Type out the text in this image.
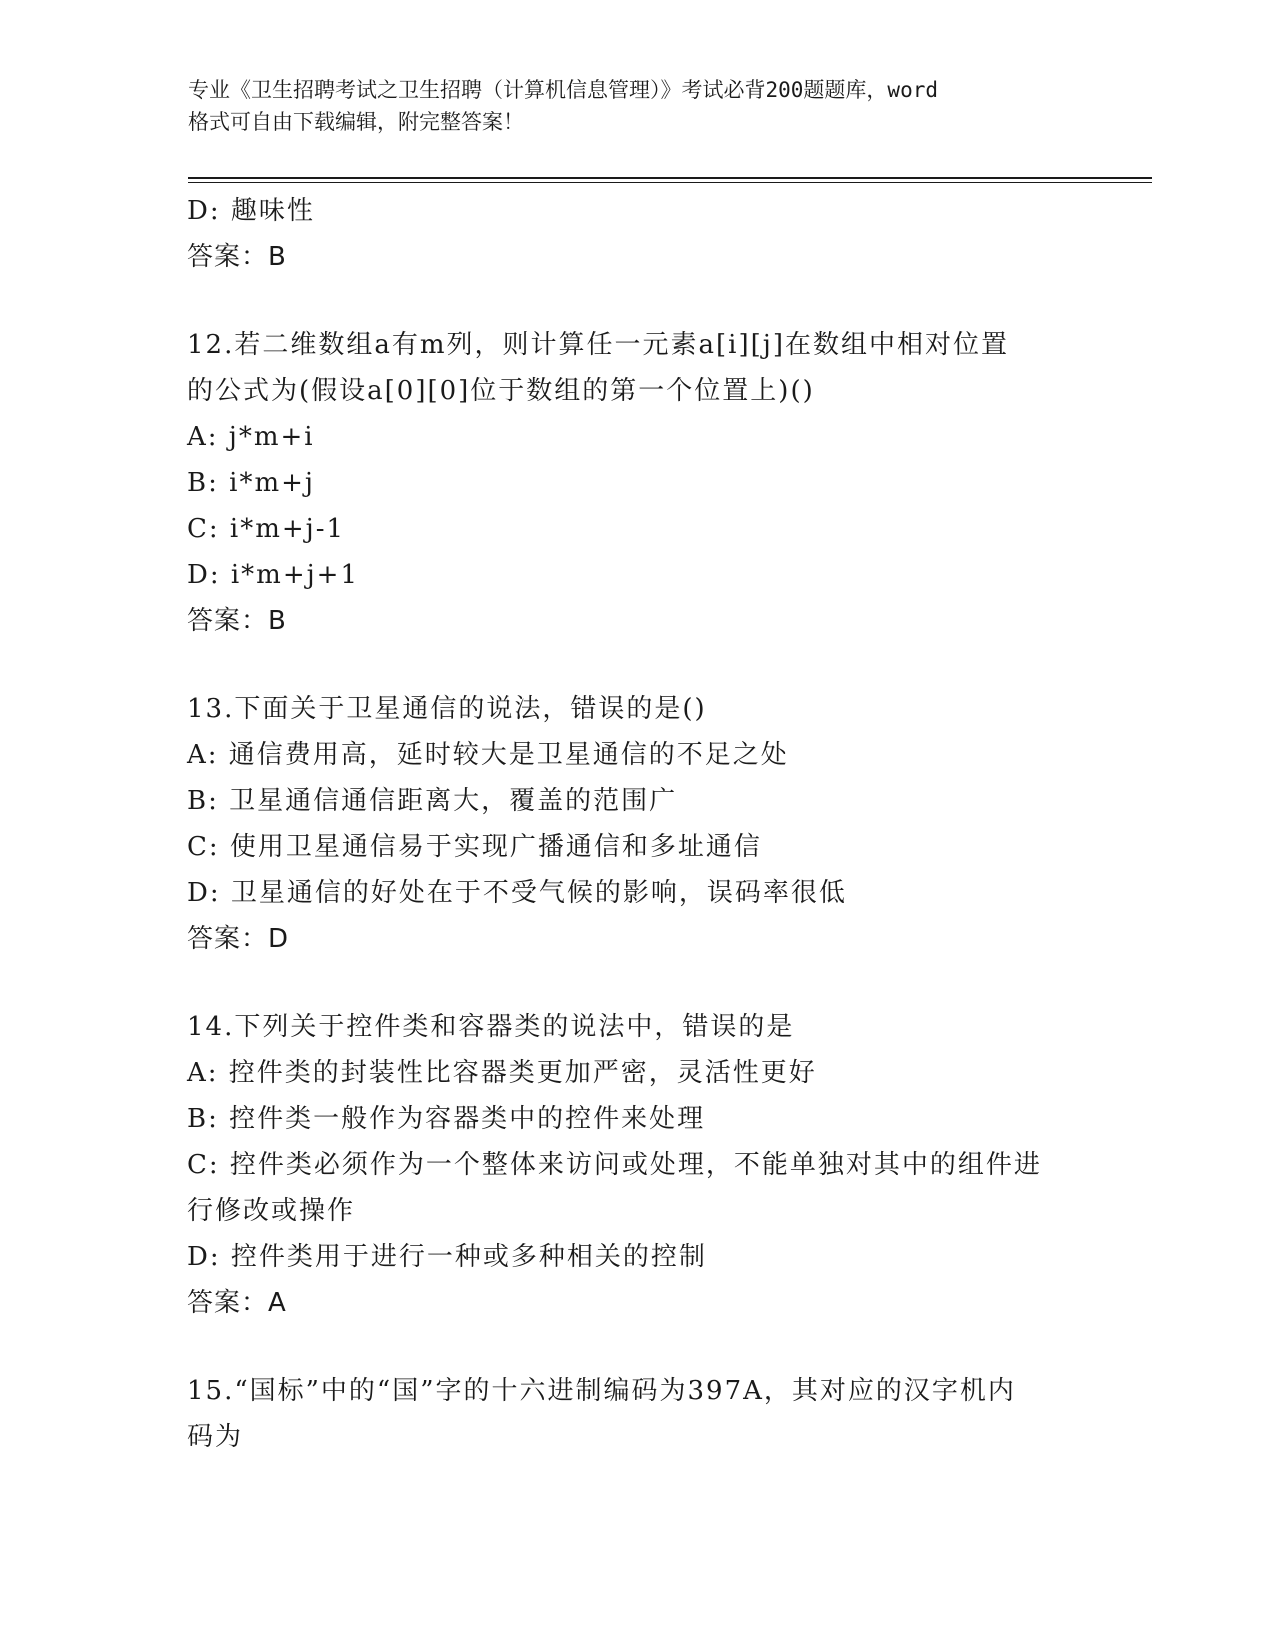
专业《卫生招聘考试之卫生招聘（计算机信息管理）》考试必背200题题库，word
格式可自由下载编辑，附完整答案！
D: 趣味性
答案：B
12.若二维数组a有m列，则计算任一元素a[i][j]在数组中相对位置
的公式为(假设a[0][0]位于数组的第一个位置上)()
A: j*m+i
B: i*m+j
C: i*m+j-1
D: i*m+j+1
答案：B
13.下面关于卫星通信的说法，错误的是()
A: 通信费用高，延时较大是卫星通信的不足之处
B: 卫星通信通信距离大，覆盖的范围广
C: 使用卫星通信易于实现广播通信和多址通信
D: 卫星通信的好处在于不受气候的影响，误码率很低
答案：D
14.下列关于控件类和容器类的说法中，错误的是
A: 控件类的封装性比容器类更加严密，灵活性更好
B: 控件类一般作为容器类中的控件来处理
C: 控件类必须作为一个整体来访问或处理，不能单独对其中的组件进
行修改或操作
D: 控件类用于进行一种或多种相关的控制
答案：A
15.“国标”中的“国”字的十六进制编码为397A，其对应的汉字机内
码为
